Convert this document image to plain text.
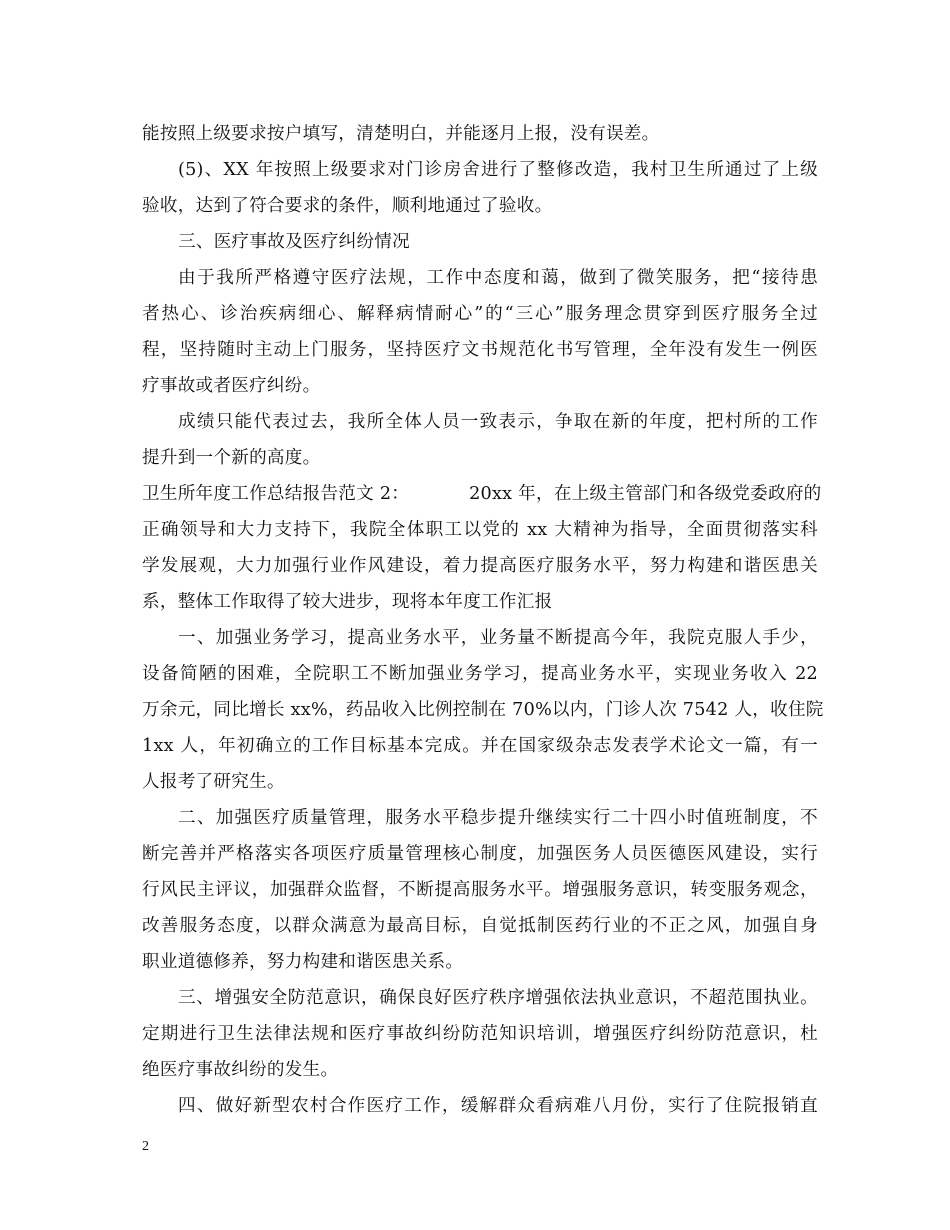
能按照上级要求按户填写，清楚明白，并能逐月上报，没有误差。
(5)、XX 年按照上级要求对门诊房舍进行了整修改造，我村卫生所通过了上级
验收，达到了符合要求的条件，顺利地通过了验收。
三、医疗事故及医疗纠纷情况
由于我所严格遵守医疗法规，工作中态度和蔼，做到了微笑服务，把“接待患
者热心、诊治疾病细心、解释病情耐心”的“三心”服务理念贯穿到医疗服务全过
程，坚持随时主动上门服务，坚持医疗文书规范化书写管理，全年没有发生一例医
疗事故或者医疗纠纷。
成绩只能代表过去，我所全体人员一致表示，争取在新的年度，把村所的工作
提升到一个新的高度。
卫生所年度工作总结报告范文 2：	20xx 年，在上级主管部门和各级党委政府的
正确领导和大力支持下，我院全体职工以党的 xx 大精神为指导，全面贯彻落实科
学发展观，大力加强行业作风建设，着力提高医疗服务水平，努力构建和谐医患关
系，整体工作取得了较大进步，现将本年度工作汇报
一、加强业务学习，提高业务水平，业务量不断提高今年，我院克服人手少，
设备简陋的困难，全院职工不断加强业务学习，提高业务水平，实现业务收入 22
万余元，同比增长 xx%，药品收入比例控制在 70%以内，门诊人次 7542 人，收住院
1xx 人，年初确立的工作目标基本完成。并在国家级杂志发表学术论文一篇，有一
人报考了研究生。
二、加强医疗质量管理，服务水平稳步提升继续实行二十四小时值班制度，不
断完善并严格落实各项医疗质量管理核心制度，加强医务人员医德医风建设，实行
行风民主评议，加强群众监督，不断提高服务水平。增强服务意识，转变服务观念，
改善服务态度，以群众满意为最高目标，自觉抵制医药行业的不正之风，加强自身
职业道德修养，努力构建和谐医患关系。
三、增强安全防范意识，确保良好医疗秩序增强依法执业意识，不超范围执业。
定期进行卫生法律法规和医疗事故纠纷防范知识培训，增强医疗纠纷防范意识，杜
绝医疗事故纠纷的发生。
四、做好新型农村合作医疗工作，缓解群众看病难八月份，实行了住院报销直
2
